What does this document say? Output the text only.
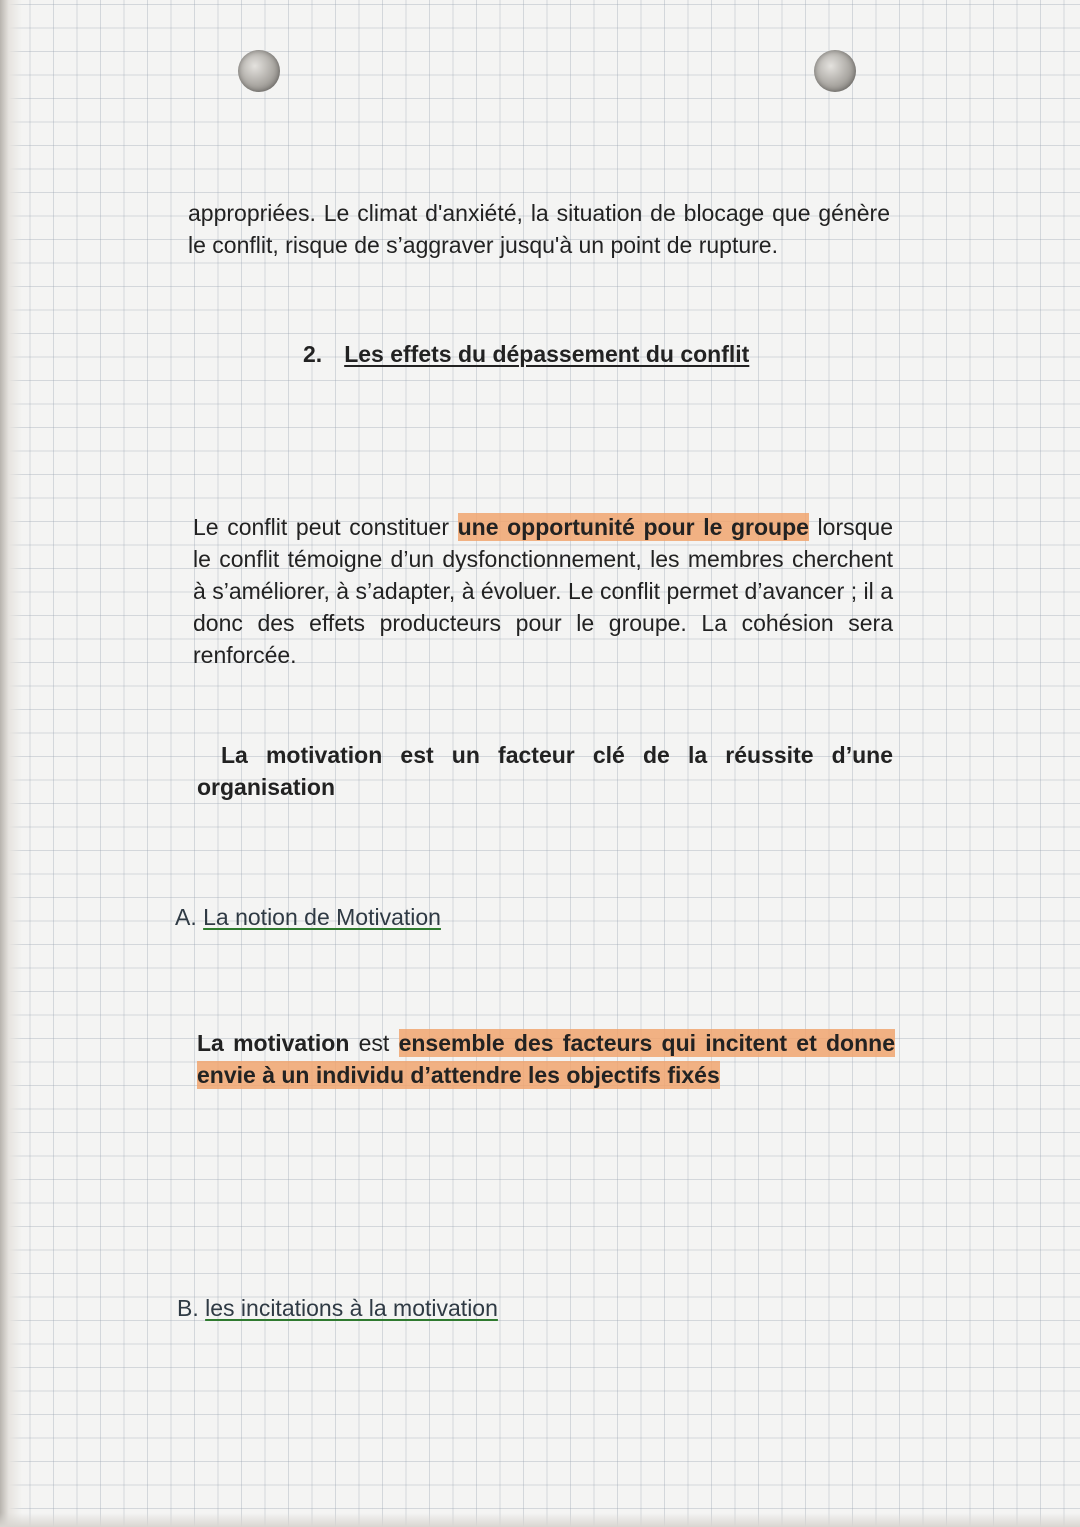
appropriées. Le climat d'anxiété, la situation de blocage que génère le conflit, risque de s’aggraver jusqu'à un point de rupture.

2. Les effets du dépassement du conflit

Le conflit peut constituer une opportunité pour le groupe lorsque le conflit témoigne d’un dysfonctionnement, les membres cherchent à s’améliorer, à s’adapter, à évoluer. Le conflit permet d’avancer ; il a donc des effets producteurs pour le groupe. La cohésion sera renforcée.

La motivation est un facteur clé de la réussite d’une organisation

A. La notion de Motivation

La motivation est ensemble des facteurs qui incitent et donne envie à un individu d’attendre les objectifs fixés

B. les incitations à la motivation
